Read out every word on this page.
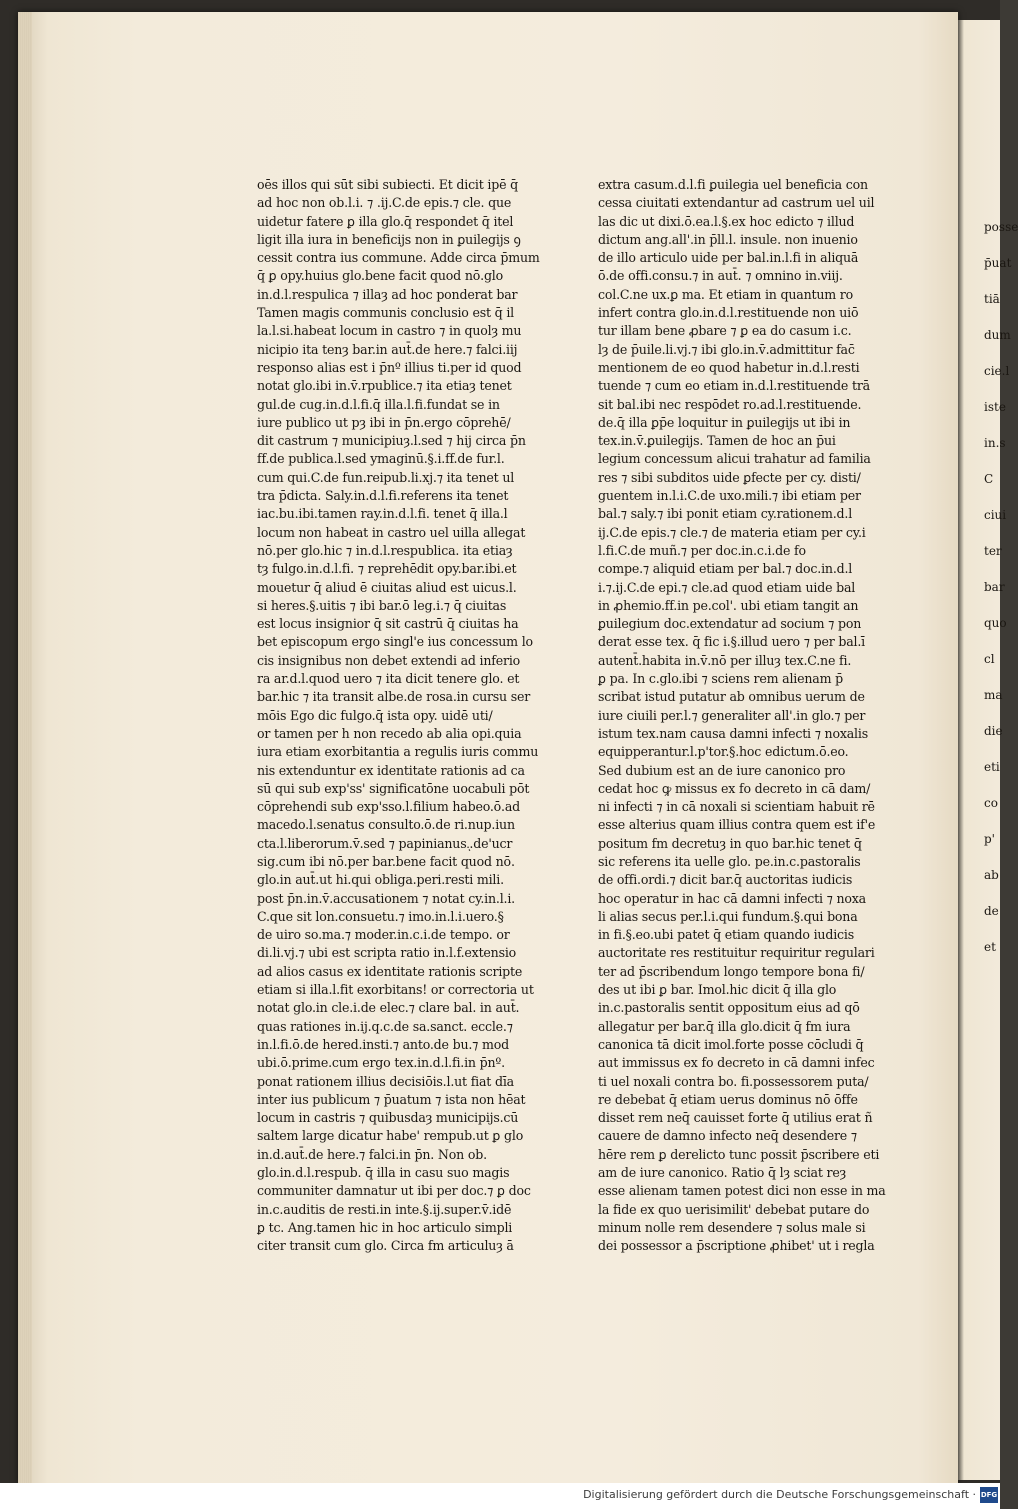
oēs illos qui sūt sibi subiecti. Et dicit ipē q̄
ad hoc non ob.l.i. ⁊ .ij.C.de epis.⁊ cle. que
uidetur fatere ꝑ illa glo.q̄ respondet q̄ itel
ligit illa iura in beneficijs non in ꝑuilegijs ꝯ
cessit contra ius commune. Adde circa p̄mum
q̄ ꝑ opy.huius glo.bene facit quod nō.glo
in.d.l.respulica ⁊ illaȝ ad hoc ponderat bar
Tamen magis communis conclusio est q̄ il
la.l.si.habeat locum in castro ⁊ in quolȝ mu
nicipio ita tenȝ bar.in aut̄.de here.⁊ falci.iij
responso alias est i p̄nº illius ti.per id quod
notat glo.ibi in.v̄.rpublice.⁊ ita etiaȝ tenet
gul.de cug.in.d.l.fi.q̄ illa.l.fi.fundat se in
iure publico ut pȝ ibi in p̄n.ergo cōprehē/
dit castrum ⁊ municipiuȝ.l.sed ⁊ hij circa p̄n
ff.de publica.l.sed ymaginū.§.i.ff.de fur.l.
cum qui.C.de fun.reipub.li.xj.⁊ ita tenet ul
tra p̄dicta. Saly.in.d.l.fi.referens ita tenet
iac.bu.ibi.tamen ray.in.d.l.fi. tenet q̄ illa.l
locum non habeat in castro uel uilla allegat
nō.per glo.hic ⁊ in.d.l.respublica. ita etiaȝ
tȝ fulgo.in.d.l.fi. ⁊ reprehēdit opy.bar.ibi.et
mouetur q̄ aliud ē ciuitas aliud est uicus.l.
si heres.§.uitis ⁊ ibi bar.ō leg.i.⁊ q̄ ciuitas
est locus insignior q̄ sit castrū q̄ ciuitas ha
bet episcopum ergo singl'e ius concessum lo
cis insignibus non debet extendi ad inferio
ra ar.d.l.quod uero ⁊ ita dicit tenere glo. et
bar.hic ⁊ ita transit albe.de rosa.in cursu ser
mōis Ego dic fulgo.q̄ ista opy. uidē uti/
or tamen per h non recedo ab alia opi.quia
iura etiam exorbitantia a regulis iuris commu
nis extenduntur ex identitate rationis ad ca
sū qui sub exp'ss' significatōne uocabuli pōt
cōprehendi sub exp'sso.l.filium habeo.ō.ad
macedo.l.senatus consulto.ō.de ri.nup.iun
cta.l.liberorum.v̄.sed ⁊ papinianus.ͅ.de'ucr
sig.cum ibi nō.per bar.bene facit quod nō.
glo.in aut̄.ut hi.qui obliga.peri.resti mili.
post p̄n.in.v̄.accusationem ⁊ notat cy.in.l.i.
C.que sit lon.consuetu.⁊ imo.in.l.i.uero.§
de uiro so.ma.⁊ moder.in.c.i.de tempo. or
di.li.vj.⁊ ubi est scripta ratio in.l.f.extensio
ad alios casus ex identitate rationis scripte
etiam si illa.l.fit exorbitans! or correctoria ut
notat glo.in cle.i.de elec.⁊ clare bal. in aut̄.
quas rationes in.ij.q.c.de sa.sanct. eccle.⁊
in.l.fi.ō.de hered.insti.⁊ anto.de bu.⁊ mod
ubi.ō.prime.cum ergo tex.in.d.l.fi.in p̄nº.
ponat rationem illius decisiōis.l.ut fiat dīa
inter ius publicum ⁊ p̄uatum ⁊ ista non hēat
locum in castris ⁊ quibusdaȝ municipijs.cū
saltem large dicatur habe' rempub.ut ꝑ glo
in.d.aut̄.de here.⁊ falci.in p̄n. Non ob.
glo.in.d.l.respub. q̄ illa in casu suo magis
communiter damnatur ut ibi per doc.⁊ ꝑ doc
in.c.auditis de resti.in inte.§.ij.super.v̄.idē
ꝑ tc. Ang.tamen hic in hoc articulo simpli
citer transit cum glo. Circa fm articuluȝ ā
extra casum.d.l.fi ꝑuilegia uel beneficia con
cessa ciuitati extendantur ad castrum uel uil
las dic ut dixi.ō.ea.l.§.ex hoc edicto ⁊ illud
dictum ang.all'.in p̄ll.l. insule. non inuenio
de illo articulo uide per bal.in.l.fi in aliquā
ō.de offi.consu.⁊ in aut̄. ⁊ omnino in.viij.
col.C.ne ux.ꝑ ma. Et etiam in quantum ro
infert contra glo.in.d.l.restituende non uiō
tur illam bene ꝓbare ⁊ ꝑ ea do casum i.c.
lȝ de p̄uile.li.vj.⁊ ibi glo.in.v̄.admittitur fac̄
mentionem de eo quod habetur in.d.l.resti
tuende ⁊ cum eo etiam in.d.l.restituende trā
sit bal.ibi nec respōdet ro.ad.l.restituende.
de.q̄ illa ꝑp̄e loquitur in ꝑuilegijs ut ibi in
tex.in.v̄.ꝑuilegijs. Tamen de hoc an p̄ui
legium concessum alicui trahatur ad familia
res ⁊ sibi subditos uide ꝑfecte per cy. disti/
guentem in.l.i.C.de uxo.mili.⁊ ibi etiam per
bal.⁊ saly.⁊ ibi ponit etiam cy.rationem.d.l
ij.C.de epis.⁊ cle.⁊ de materia etiam per cy.i
l.fi.C.de muñ.⁊ per doc.in.c.i.de fo
compe.⁊ aliquid etiam per bal.⁊ doc.in.d.l
i.⁊.ij.C.de epi.⁊ cle.ad quod etiam uide bal
in ꝓhemio.ff.in pe.col'. ubi etiam tangit an
ꝑuilegium doc.extendatur ad socium ⁊ pon
derat esse tex. q̄ fic i.§.illud uero ⁊ per bal.ī
autent̄.habita in.v̄.nō per illuȝ tex.C.ne fi.
ꝑ pa. In c.glo.ibi ⁊ sciens rem alienam p̄
scribat istud putatur ab omnibus uerum de
iure ciuili per.l.⁊ generaliter all'.in glo.⁊ per
istum tex.nam causa damni infecti ⁊ noxalis
equipperantur.l.p'tor.§.hoc edictum.ō.eo.
Sed dubium est an de iure canonico pro
cedat hoc ꝙ missus ex fo decreto in cā dam/
ni infecti ⁊ in cā noxali si scientiam habuit rē
esse alterius quam illius contra quem est if'e
positum fm decretuȝ in quo bar.hic tenet q̄
sic referens ita uelle glo. pe.in.c.pastoralis
de offi.ordi.⁊ dicit bar.q̄ auctoritas iudicis
hoc operatur in hac cā damni infecti ⁊ noxa
li alias secus per.l.i.qui fundum.§.qui bona
in fi.§.eo.ubi patet q̄ etiam quando iudicis
auctoritate res restituitur requiritur regulari
ter ad p̄scribendum longo tempore bona fi/
des ut ibi ꝑ bar. Imol.hic dicit q̄ illa glo
in.c.pastoralis sentit oppositum eius ad qō
allegatur per bar.q̄ illa glo.dicit q̄ fm iura
canonica tā dicit imol.forte posse cōcludi q̄
aut immissus ex fo decreto in cā damni infec
ti uel noxali contra bo. fi.possessorem puta/
re debebat q̄ etiam uerus dominus nō ōffe
disset rem neq̄ cauisset forte q̄ utilius erat ñ
cauere de damno infecto neq̄ desendere ⁊
hēre rem ꝑ derelicto tunc possit p̄scribere eti
am de iure canonico. Ratio q̄ lȝ sciat reȝ
esse alienam tamen potest dici non esse in ma
la fide ex quo uerisimilit' debebat putare do
minum nolle rem desendere ⁊ solus male si
dei possessor a p̄scriptione ꝓhibet' ut i regla
posse
p̄uat
tiā
dum
cie.l
iste
in.s
C
ciui
ter
bar
quo
cl
ma
die
eti
co
p'
ab
de
et
Digitalisierung gefördert durch die Deutsche Forschungsgemeinschaft · DFG
